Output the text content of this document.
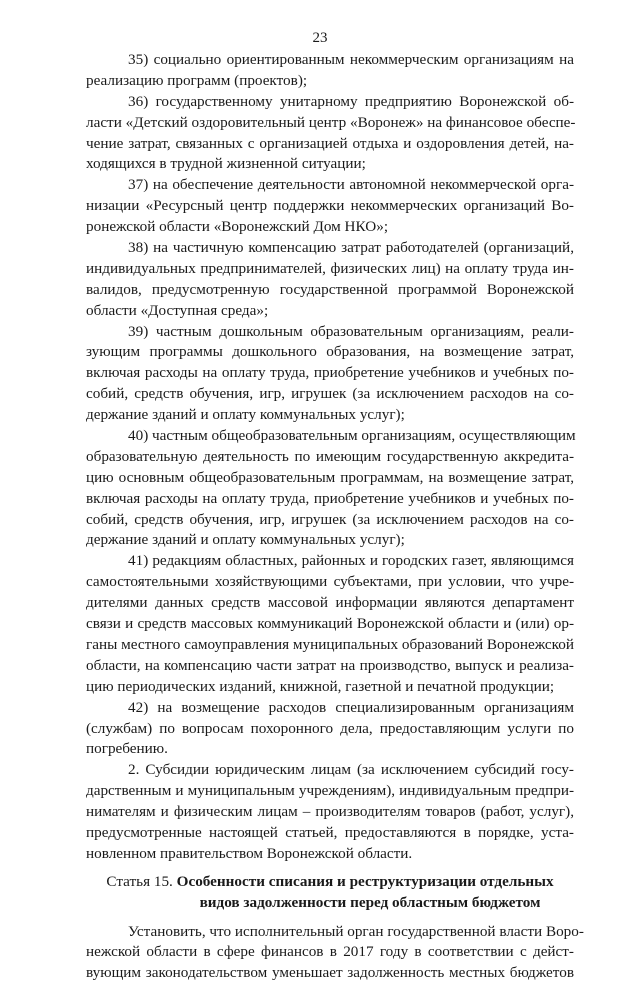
23
35) социально ориентированным некоммерческим организациям на
реализацию программ (проектов);
36) государственному унитарному предприятию Воронежской об-
ласти «Детский оздоровительный центр «Воронеж» на финансовое обеспе-
чение затрат, связанных с организацией отдыха и оздоровления детей, на-
ходящихся в трудной жизненной ситуации;
37) на обеспечение деятельности автономной некоммерческой орга-
низации «Ресурсный центр поддержки некоммерческих организаций Во-
ронежской области «Воронежский Дом НКО»;
38) на частичную компенсацию затрат работодателей (организаций,
индивидуальных предпринимателей, физических лиц) на оплату труда ин-
валидов, предусмотренную государственной программой Воронежской
области «Доступная среда»;
39) частным дошкольным образовательным организациям, реали-
зующим программы дошкольного образования, на возмещение затрат,
включая расходы на оплату труда, приобретение учебников и учебных по-
собий, средств обучения, игр, игрушек (за исключением расходов на со-
держание зданий и оплату коммунальных услуг);
40) частным общеобразовательным организациям, осуществляющим
образовательную деятельность по имеющим государственную аккредита-
цию основным общеобразовательным программам, на возмещение затрат,
включая расходы на оплату труда, приобретение учебников и учебных по-
собий, средств обучения, игр, игрушек (за исключением расходов на со-
держание зданий и оплату коммунальных услуг);
41) редакциям областных, районных и городских газет, являющимся
самостоятельными хозяйствующими субъектами, при условии, что учре-
дителями данных средств массовой информации являются департамент
связи и средств массовых коммуникаций Воронежской области и (или) ор-
ганы местного самоуправления муниципальных образований Воронежской
области, на компенсацию части затрат на производство, выпуск и реализа-
цию периодических изданий, книжной, газетной и печатной продукции;
42) на возмещение расходов специализированным организациям
(службам) по вопросам похоронного дела, предоставляющим услуги по
погребению.
2. Субсидии юридическим лицам (за исключением субсидий госу-
дарственным и муниципальным учреждениям), индивидуальным предпри-
нимателям и физическим лицам – производителям товаров (работ, услуг),
предусмотренные настоящей статьей, предоставляются в порядке, уста-
новленном правительством Воронежской области.
Статья 15. Особенности списания и реструктуризации отдельных
видов задолженности перед областным бюджетом
Установить, что исполнительный орган государственной власти Воро-
нежской области в сфере финансов в 2017 году в соответствии с дейст-
вующим законодательством уменьшает задолженность местных бюджетов
